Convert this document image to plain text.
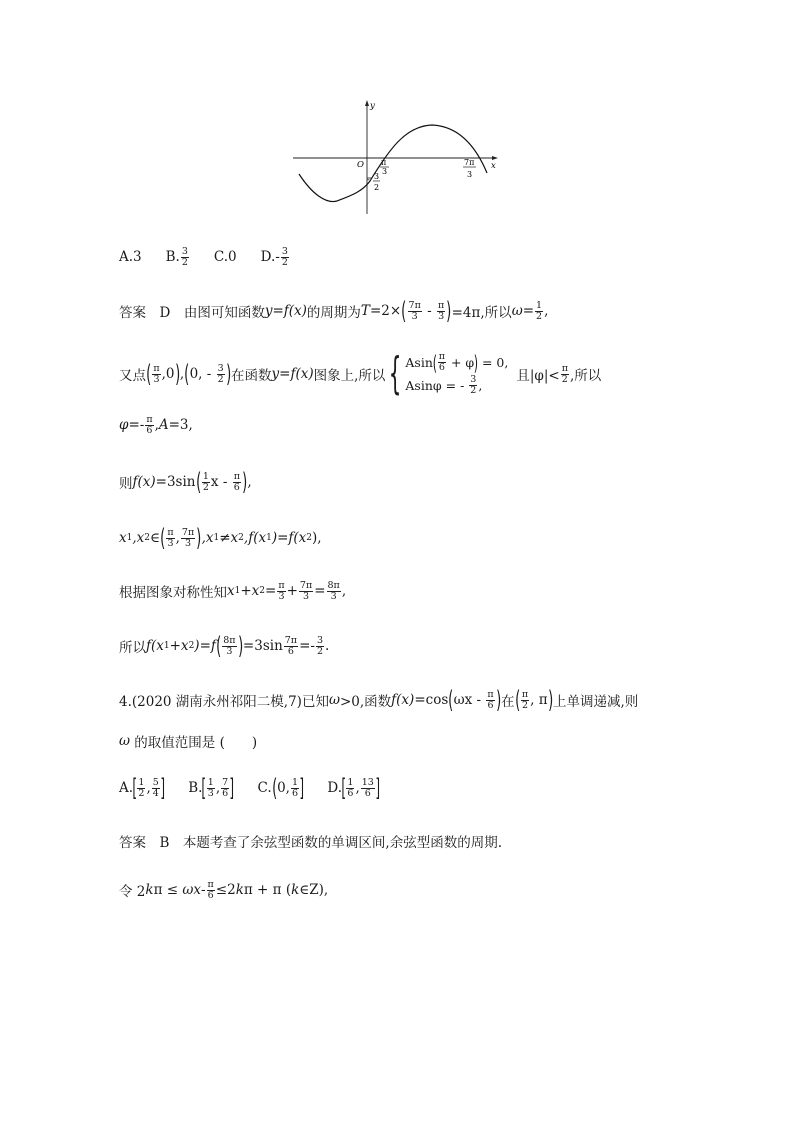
y
x
O π
3
7π
3
- 3
2
A.3 B. $\frac{3}{2} C.0$ D. - $\frac{3}{2}$
答案　D　由图可知函数 y=f(x) 的周期为 T =2× ( $\frac{7\pi}{3} - \frac{\pi}{3}$ ) =4π,所以 $\omega = \frac{1}{2}$ ,
又点 ( $\frac{\pi}{3} ,0$ ) , ( 0, - $\frac{3}{2}$ ) 在函数 y=f(x) 图象上,所以 { Asin ( $\frac{\pi}{6} + \varphi$ ) = 0,
Asinφ = - $\frac{3}{2}$ ,
且$|\varphi|< \frac{\pi}{2}$ ,所以
$\varphi =- \frac{\pi}{6}$ , A =3,
则 f(x) =3sin ( $\frac{1}{2}$ x - $\frac{\pi}{6}$ ) ,
x 1 ,x 2 ∈ ( $\frac{\pi}{3}$ , $\frac{7\pi}{3}$ ) ,x 1 ≠x 2 ,f(x 1 )=f(x 2 ),
根据图象对称性知 x 1 +x $2 = \frac{\pi}{3} + \frac{7\pi}{3} = \frac{8\pi}{3}$ ,
所以 f(x 1 +x 2 )=f ( $\frac{8\pi}{3}$ ) $=3\sin \frac{7\pi}{6} =- \frac{3}{2}$ .
4.(2020 湖南永州祁阳二模,7)已知 ω >0,函数 f(x) =cos ( ωx - $\frac{\pi}{6}$ ) 在 ( $\frac{\pi}{2}$ , π ) 上单调递减,则
ω 的取值范围是 (　　)
A. [ $\frac{1}{2}$ , $\frac{5}{4}$ ] B. [ $\frac{1}{3}$ , $\frac{7}{6}$ ] C. ( 0, $\frac{1}{6}$ ] D. [ $\frac{1}{6}$ , $\frac{13}{6}$ ]
答案　B　本题考查了余弦型函数的单调区间,余弦型函数的周期.
令 2 k $\pi \le \omega x - \frac{\pi}{6} \le 2$ k π + π ( k ∈Z),
